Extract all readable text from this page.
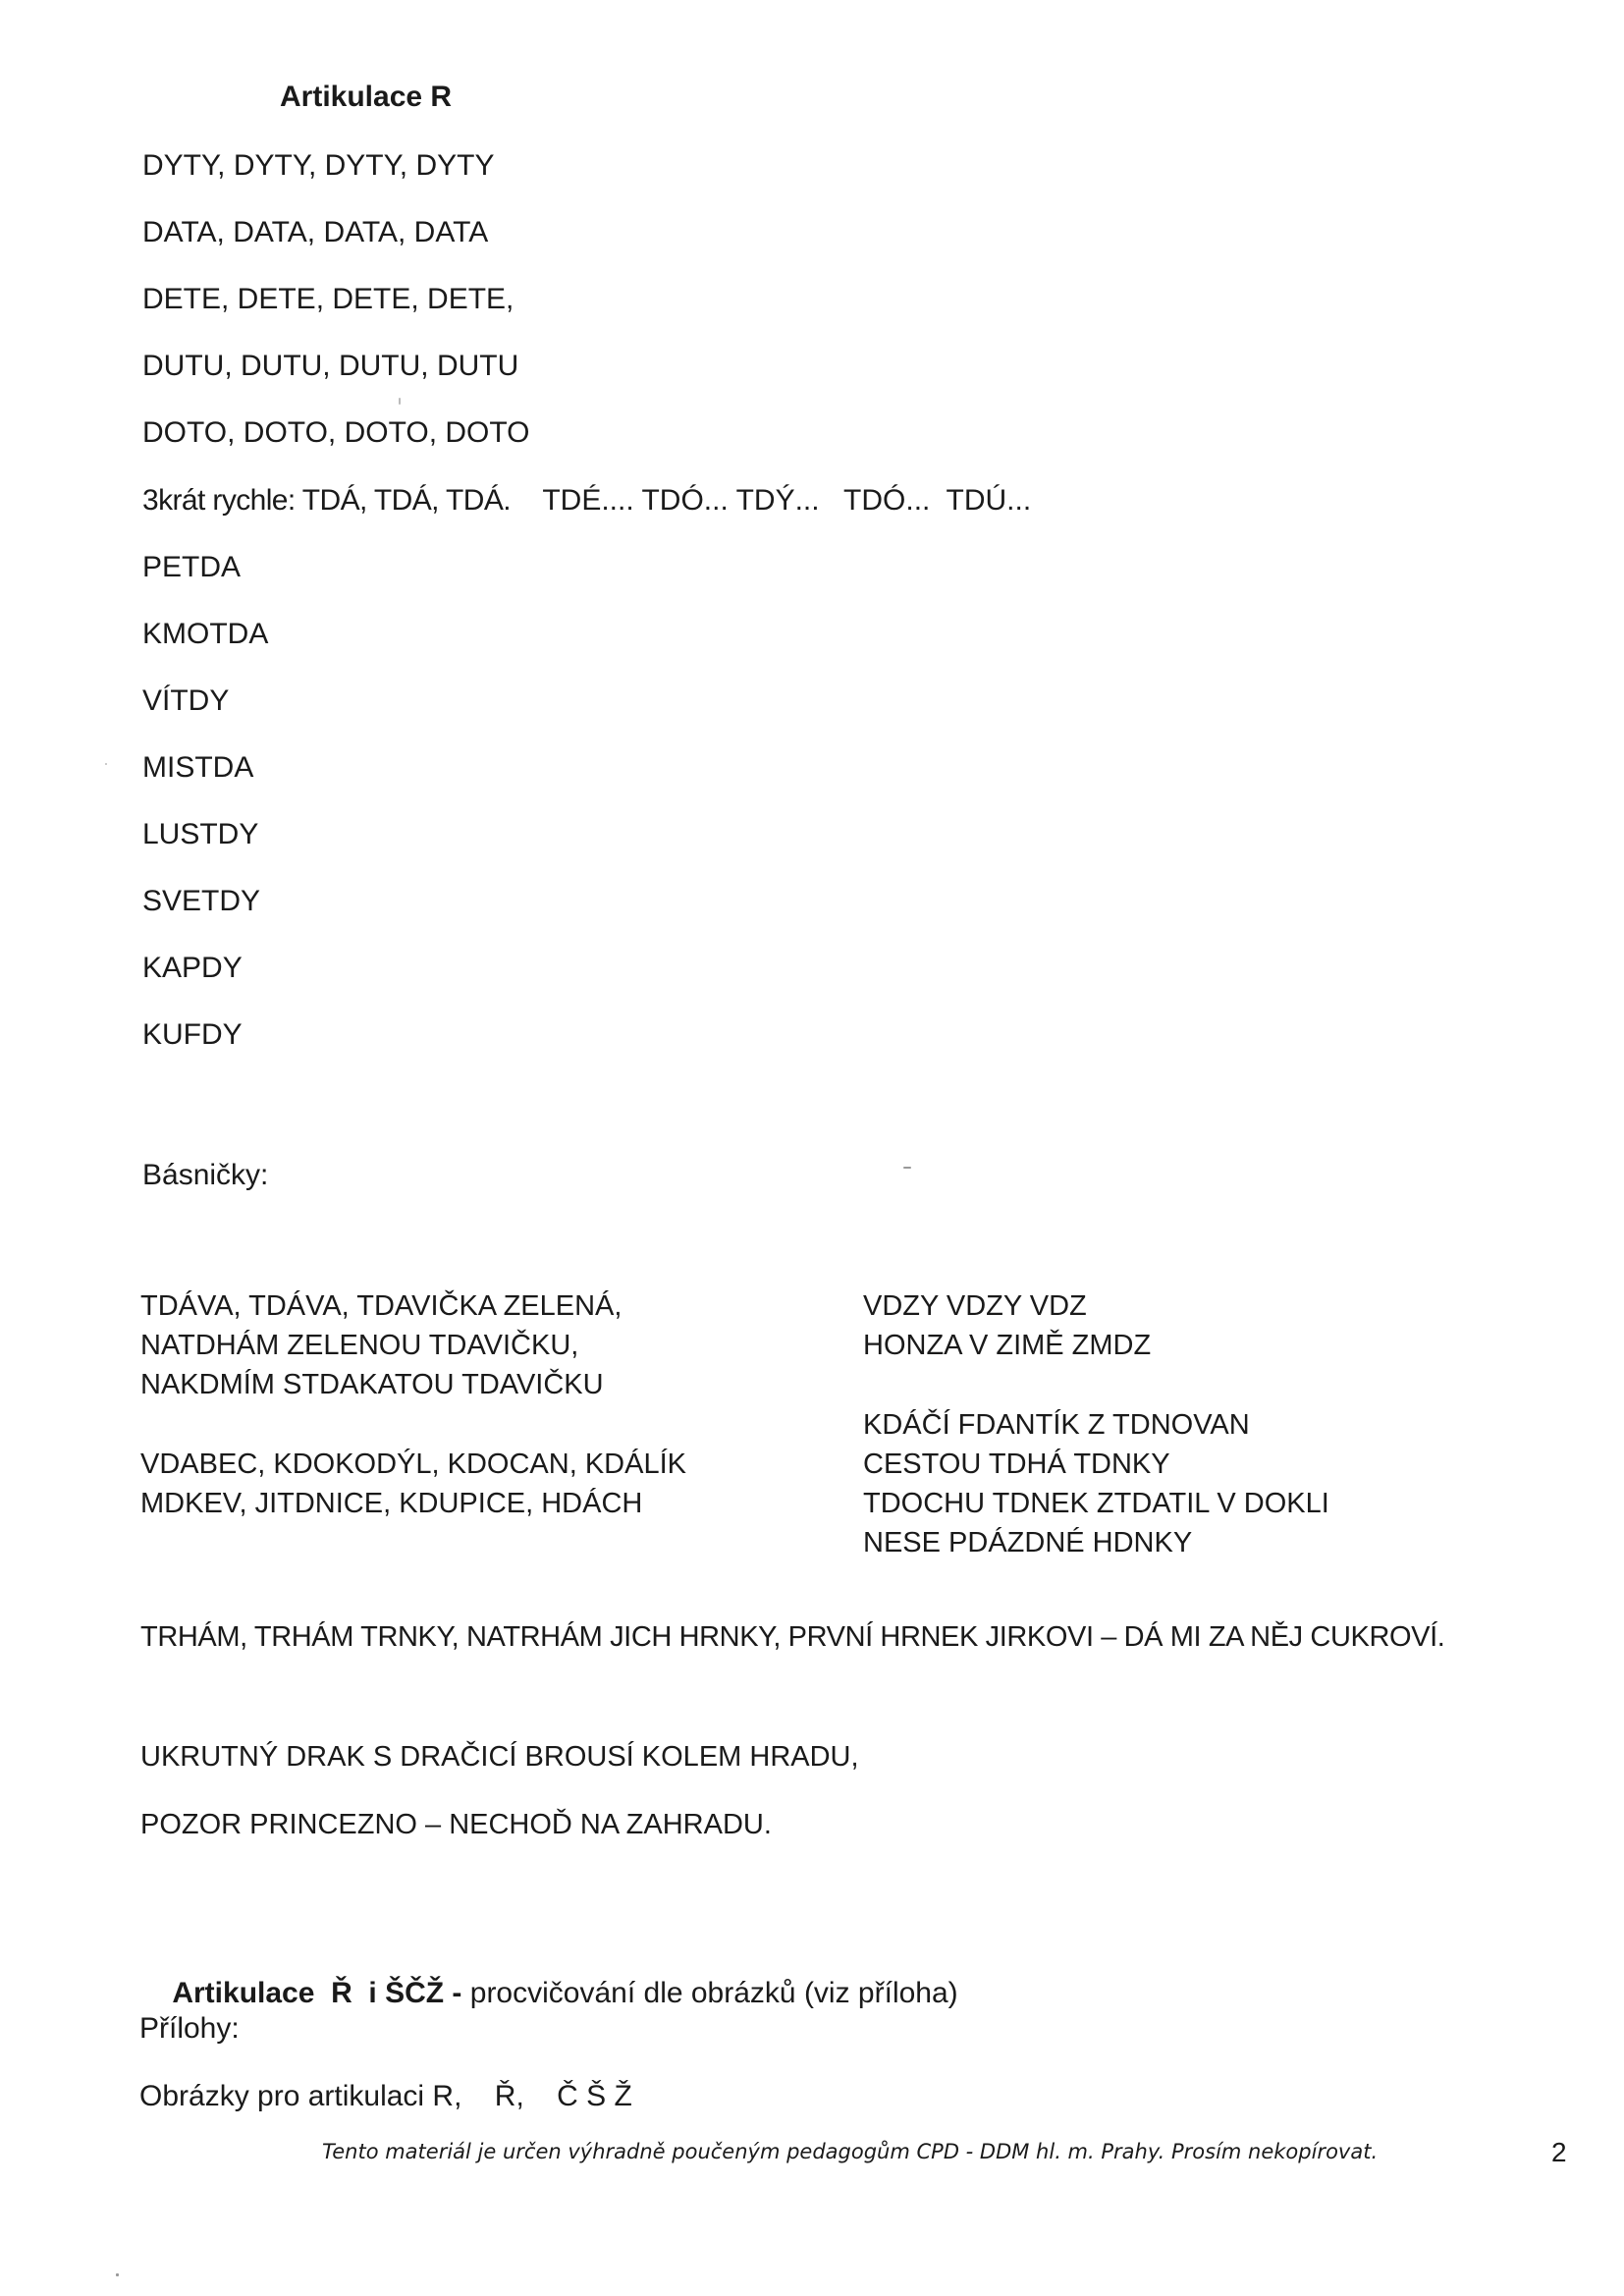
Artikulace R
DYTY, DYTY, DYTY, DYTY
DATA, DATA, DATA, DATA
DETE, DETE, DETE, DETE,
DUTU, DUTU, DUTU, DUTU
DOTO, DOTO, DOTO, DOTO
3krát rychle: TDÁ, TDÁ, TDÁ. TDÉ.... TDÓ... TDÝ...   TDÓ...  TDÚ...
PETDA
KMOTDA
VÍTDY
MISTDA
LUSTDY
SVETDY
KAPDY
KUFDY
Básničky:
TDÁVA, TDÁVA, TDAVIČKA ZELENÁ,
NATDHÁM ZELENOU TDAVIČKU,
NAKDMÍM STDAKATOU TDAVIČKU
VDABEC, KDOKODÝL, KDOCAN, KDÁLÍK
MDKEV, JITDNICE, KDUPICE, HDÁCH
VDZY VDZY VDZ
HONZA V ZIMĚ ZMDZ
KDÁČÍ FDANTÍK Z TDNOVAN
CESTOU TDHÁ TDNKY
TDOCHU TDNEK ZTDATIL V DOKLI
NESE PDÁZDNÉ HDNKY
TRHÁM, TRHÁM TRNKY, NATRHÁM JICH HRNKY, PRVNÍ HRNEK JIRKOVI – DÁ MI ZA NĚJ CUKROVÍ.
UKRUTNÝ DRAK S DRAČICÍ BROUSÍ KOLEM HRADU,
POZOR PRINCEZNO – NECHOĎ NA ZAHRADU.

Artikulace  Ř  i ŠČŽ - procvičování dle obrázků (viz příloha)

Přílohy:
Obrázky pro artikulaci R,    Ř,    Č Š Ž
Tento materiál je určen výhradně poučeným pedagogům CPD - DDM hl. m. Prahy. Prosím nekopírovat.	2
